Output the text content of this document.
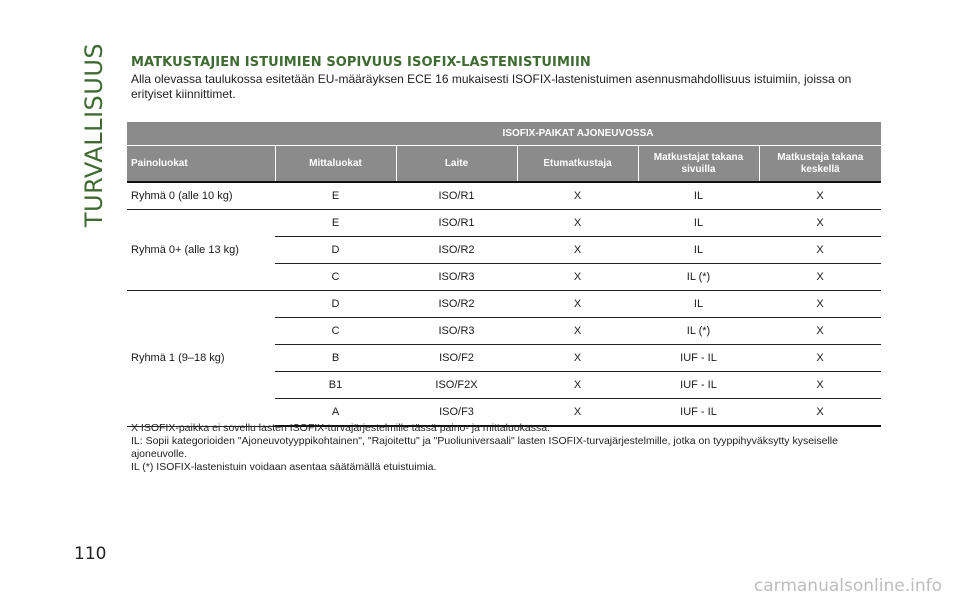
TURVALLISUUS MATKUSTAJIEN ISTUIMIEN SOPIVUUS ISOFIX-LASTENISTUIMIIN
Alla olevassa taulukossa esitetään EU-määräyksen ECE 16 mukaisesti ISOFIX-lastenistuimen asennusmahdollisuus istuimiin, joissa on erityiset kiinnittimet.
	ISOFIX-PAIKAT AJONEUVOSSA				
Painoluokat	Mittaluokat	Laite	Etumatkustaja	Matkustajat takana sivuilla	Matkustaja takana keskellä
Ryhmä 0 (alle 10 kg)	E	ISO/R1	X	IL	X
Ryhmä 0+ (alle 13 kg)	E	ISO/R1	X	IL	X
	D	ISO/R2	X	IL	X
	C	ISO/R3	X	IL (*)	X
Ryhmä 1 (9–18 kg)	D	ISO/R2	X	IL	X
	C	ISO/R3	X	IL (*)	X
	B	ISO/F2	X	IUF - IL	X
	B1	ISO/F2X	X	IUF - IL	X
	A	ISO/F3	X	IUF - IL	X

X ISOFIX-paikka ei sovellu lasten ISOFIX-turvajärjestelmille tässä paino- ja mittaluokassa.

IL: Sopii kategorioiden "Ajoneuvotyyppikohtainen", "Rajoitettu" ja "Puoliuniversaali" lasten ISOFIX-turvajärjestelmille, jotka on tyyppihyväksytty kyseiselle ajoneuvolle.

IL (*) ISOFIX-lastenistuin voidaan asentaa säätämällä etuistuimia.

110
carmanualsonline.info
